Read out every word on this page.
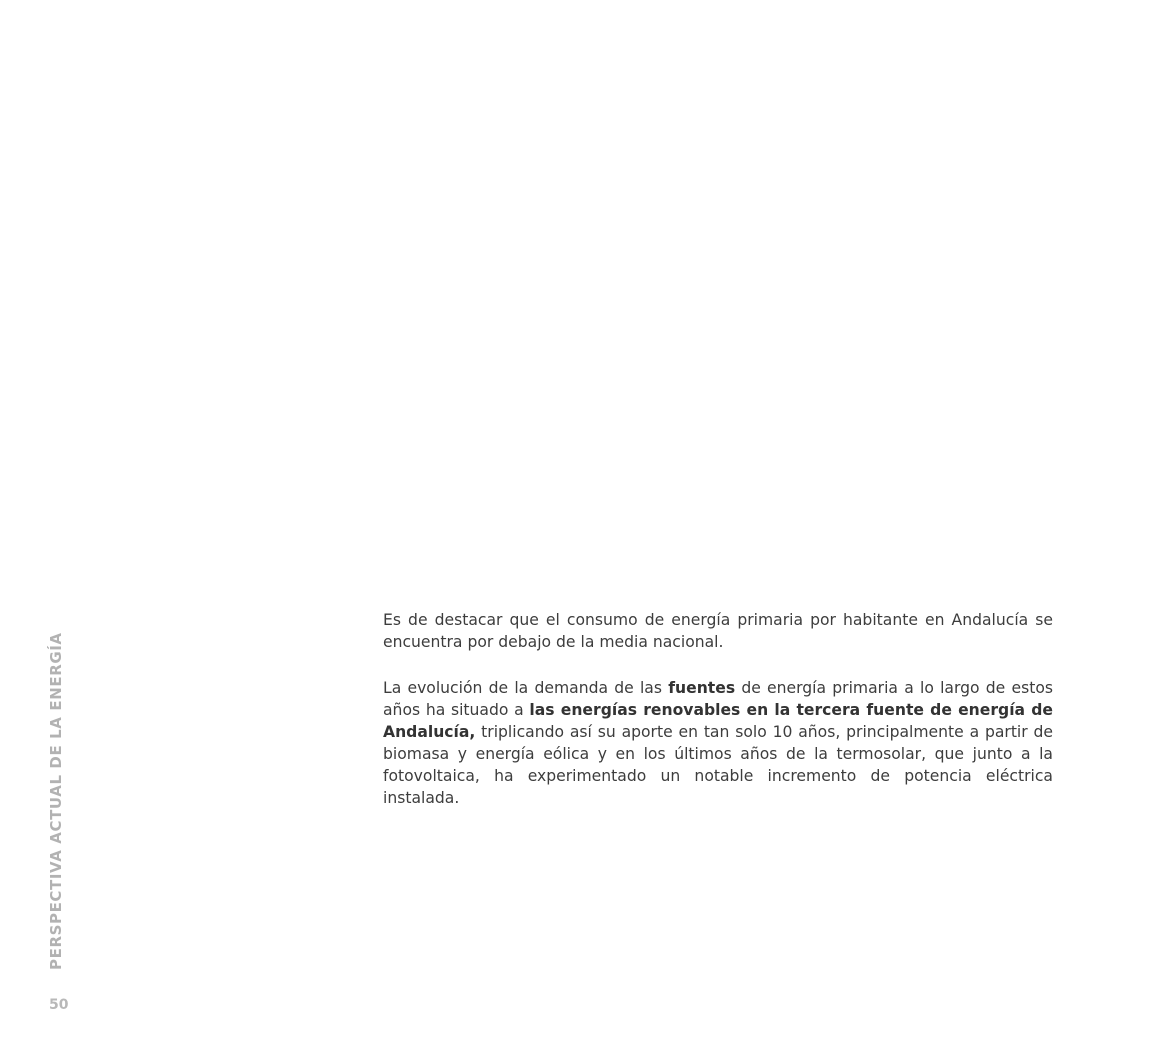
PERSPECTIVA ACTUAL DE LA ENERGÍA
50

Es de destacar que el consumo de energía primaria por habitante en Andalucía se encuentra por debajo de la media nacional.

La evolución de la demanda de las fuentes de energía primaria a lo largo de estos años ha situado a las energías renovables en la tercera fuente de energía de Andalucía, triplicando así su aporte en tan solo 10 años, principalmente a partir de biomasa y energía eólica y en los últimos años de la termosolar, que junto a la fotovoltaica, ha experimentado un notable incremento de potencia eléctrica instalada.
